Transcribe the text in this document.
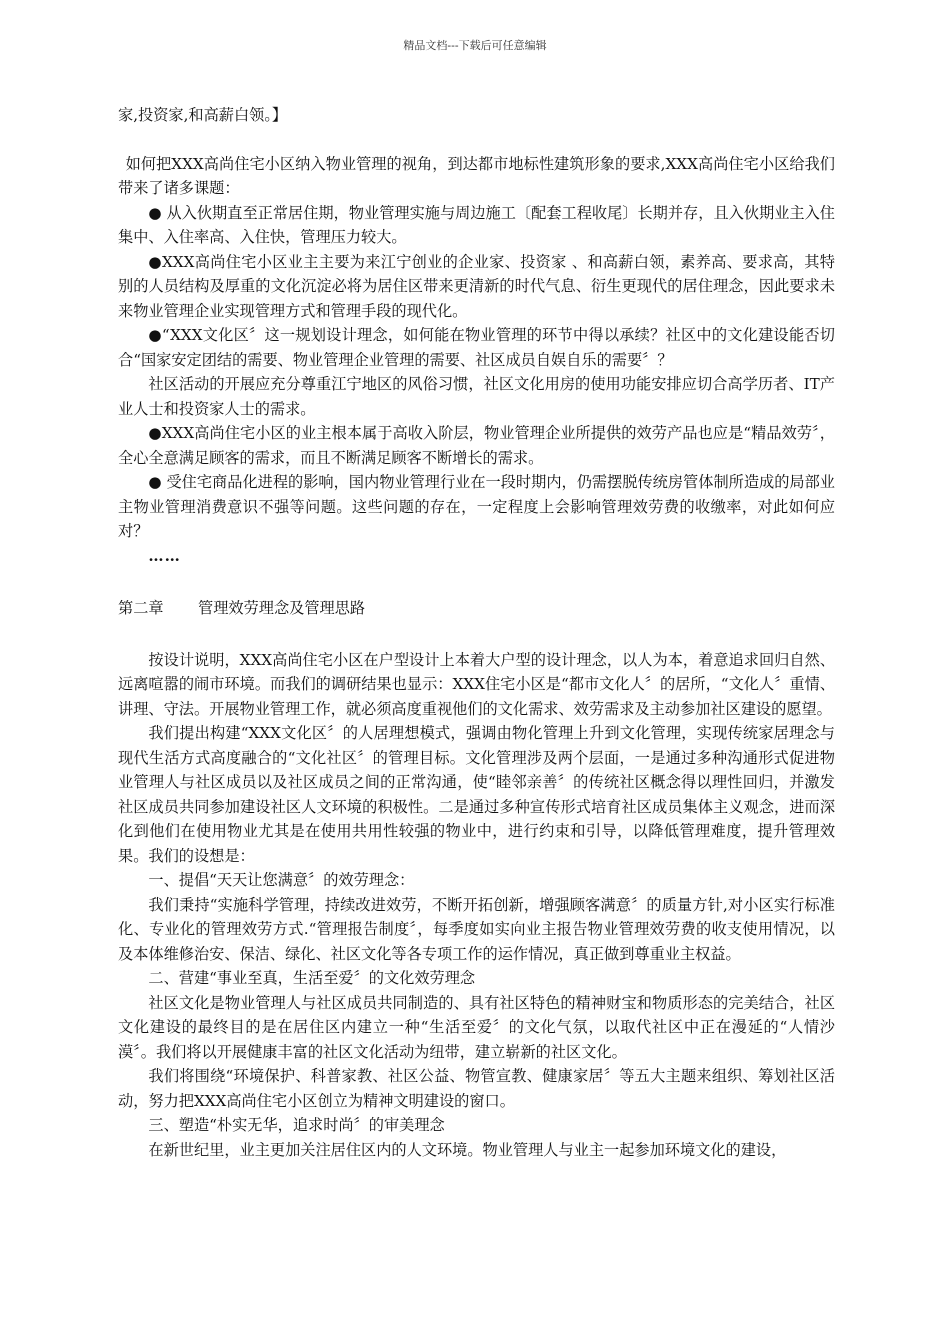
精品文档---下载后可任意编辑

家,投资家,和高薪白领。】

如何把XXX高尚住宅小区纳入物业管理的视角，到达都市地标性建筑形象的要求,XXX高尚住宅小区给我们带来了诸多课题：

● 从入伙期直至正常居住期，物业管理实施与周边施工〔配套工程收尾〕长期并存，且入伙期业主入住集中、入住率高、入住快，管理压力较大。

●XXX高尚住宅小区业主主要为来江宁创业的企业家、投资家 、和高薪白领，素养高、要求高，其特别的人员结构及厚重的文化沉淀必将为居住区带来更清新的时代气息、衍生更现代的居住理念，因此要求未来物业管理企业实现管理方式和管理手段的现代化。

●“XXX文化区〞这一规划设计理念，如何能在物业管理的环节中得以承续？社区中的文化建设能否切合“国家安定团结的需要、物业管理企业管理的需要、社区成员自娱自乐的需要〞？

社区活动的开展应充分尊重江宁地区的风俗习惯，社区文化用房的使用功能安排应切合高学历者、IT产业人士和投资家人士的需求。

●XXX高尚住宅小区的业主根本属于高收入阶层，物业管理企业所提供的效劳产品也应是“精品效劳〞，全心全意满足顾客的需求，而且不断满足顾客不断增长的需求。

● 受住宅商品化进程的影响，国内物业管理行业在一段时期内，仍需摆脱传统房管体制所造成的局部业主物业管理消费意识不强等问题。这些问题的存在，一定程度上会影响管理效劳费的收缴率，对此如何应对？

……

第二章 管理效劳理念及管理思路

按设计说明，XXX高尚住宅小区在户型设计上本着大户型的设计理念，以人为本，着意追求回归自然、远离喧嚣的闹市环境。而我们的调研结果也显示：XXX住宅小区是“都市文化人〞的居所，“文化人〞重情、讲理、守法。开展物业管理工作，就必须高度重视他们的文化需求、效劳需求及主动参加社区建设的愿望。

我们提出构建“XXX文化区〞的人居理想模式，强调由物化管理上升到文化管理，实现传统家居理念与现代生活方式高度融合的“文化社区〞的管理目标。文化管理涉及两个层面，一是通过多种沟通形式促进物业管理人与社区成员以及社区成员之间的正常沟通，使“睦邻亲善〞的传统社区概念得以理性回归，并激发社区成员共同参加建设社区人文环境的积极性。二是通过多种宣传形式培育社区成员集体主义观念，进而深化到他们在使用物业尤其是在使用共用性较强的物业中，进行约束和引导，以降低管理难度，提升管理效果。我们的设想是：

一、提倡“天天让您满意〞的效劳理念：

我们秉持“实施科学管理，持续改进效劳，不断开拓创新，增强顾客满意〞的质量方针,对小区实行标准化、专业化的管理效劳方式.“管理报告制度〞，每季度如实向业主报告物业管理效劳费的收支使用情况，以及本体维修治安、保洁、绿化、社区文化等各专项工作的运作情况，真正做到尊重业主权益。

二、营建“事业至真，生活至爱〞的文化效劳理念

社区文化是物业管理人与社区成员共同制造的、具有社区特色的精神财宝和物质形态的完美结合，社区文化建设的最终目的是在居住区内建立一种“生活至爱〞的文化气氛，以取代社区中正在漫延的“人情沙漠〞。我们将以开展健康丰富的社区文化活动为纽带，建立崭新的社区文化。

我们将围绕“环境保护、科普家教、社区公益、物管宣教、健康家居〞等五大主题来组织、筹划社区活动，努力把XXX高尚住宅小区创立为精神文明建设的窗口。

三、塑造“朴实无华，追求时尚〞的审美理念

在新世纪里，业主更加关注居住区内的人文环境。物业管理人与业主一起参加环境文化的建设，
